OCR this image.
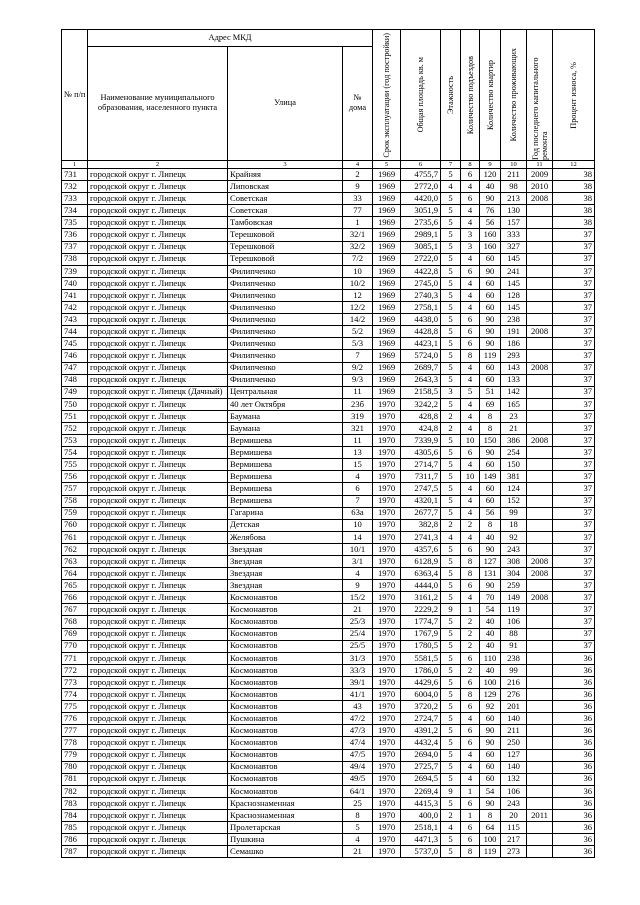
№ п/п	Адрес МКД			Срок эксплуатации (год постройки)	Общая площадь кв. м	Этажность	Количество подъездов	Количество квартир	Количество проживающих	Год последнего капитального ремонта	Процент износа, %

	Наименование муниципального образования, населенного пункта	Улица	№ дома								
1	2	3	4	5	6	7	8	9	10	11	12
731	городской округ г. Липецк	Крайняя	2	1969	4755,7	5	6	120	211	2009	38
732	городской округ г. Липецк	Липовская	9	1969	2772,0	4	4	40	98	2010	38
733	городской округ г. Липецк	Советская	33	1969	4420,0	5	6	90	213	2008	38
734	городской округ г. Липецк	Советская	77	1969	3051,9	5	4	76	130		38
735	городской округ г. Липецк	Тамбовская	1	1969	2735,6	5	4	56	157		38
736	городской округ г. Липецк	Терешковой	32/1	1969	2989,1	5	3	160	333		37
737	городской округ г. Липецк	Терешковой	32/2	1969	3085,1	5	3	160	327		37
738	городской округ г. Липецк	Терешковой	7/2	1969	2722,0	5	4	60	145		37
739	городской округ г. Липецк	Филипченко	10	1969	4422,8	5	6	90	241		37
740	городской округ г. Липецк	Филипченко	10/2	1969	2745,0	5	4	60	145		37
741	городской округ г. Липецк	Филипченко	12	1969	2740,3	5	4	60	128		37
742	городской округ г. Липецк	Филипченко	12/2	1969	2758,1	5	4	60	145		37
743	городской округ г. Липецк	Филипченко	14/2	1969	4438,0	5	6	90	238		37
744	городской округ г. Липецк	Филипченко	5/2	1969	4428,8	5	6	90	191	2008	37
745	городской округ г. Липецк	Филипченко	5/3	1969	4423,1	5	6	90	186		37
746	городской округ г. Липецк	Филипченко	7	1969	5724,0	5	8	119	293		37
747	городской округ г. Липецк	Филипченко	9/2	1969	2689,7	5	4	60	143	2008	37
748	городской округ г. Липецк	Филипченко	9/3	1969	2643,3	5	4	60	133		37
749	городской округ г. Липецк (Дачный)	Центральная	11	1969	2158,5	3	5	51	142		37
750	городской округ г. Липецк	40 лет Октября	23б	1970	3242,2	5	4	69	165		37
751	городской округ г. Липецк	Баумана	319	1970	428,8	2	4	8	23		37
752	городской округ г. Липецк	Баумана	321	1970	424,8	2	4	8	21		37
753	городской округ г. Липецк	Вермишева	11	1970	7339,9	5	10	150	386	2008	37
754	городской округ г. Липецк	Вермишева	13	1970	4305,6	5	6	90	254		37
755	городской округ г. Липецк	Вермишева	15	1970	2714,7	5	4	60	150		37
756	городской округ г. Липецк	Вермишева	4	1970	7311,7	5	10	149	381		37
757	городской округ г. Липецк	Вермишева	6	1970	2747,5	5	4	60	124		37
758	городской округ г. Липецк	Вермишева	7	1970	4320,1	5	4	60	152		37
759	городской округ г. Липецк	Гагарина	63а	1970	2677,7	5	4	56	99		37
760	городской округ г. Липецк	Детская	10	1970	382,8	2	2	8	18		37
761	городской округ г. Липецк	Желябова	14	1970	2741,3	4	4	40	92		37
762	городской округ г. Липецк	Звездная	10/1	1970	4357,6	5	6	90	243		37
763	городской округ г. Липецк	Звездная	3/1	1970	6128,9	5	8	127	308	2008	37
764	городской округ г. Липецк	Звездная	4	1970	6363,4	5	8	131	304	2008	37
765	городской округ г. Липецк	Звездная	9	1970	4444,0	5	6	90	259		37
766	городской округ г. Липецк	Космонавтов	15/2	1970	3161,2	5	4	70	149	2008	37
767	городской округ г. Липецк	Космонавтов	21	1970	2229,2	9	1	54	119		37
768	городской округ г. Липецк	Космонавтов	25/3	1970	1774,7	5	2	40	106		37
769	городской округ г. Липецк	Космонавтов	25/4	1970	1767,9	5	2	40	88		37
770	городской округ г. Липецк	Космонавтов	25/5	1970	1780,5	5	2	40	91		37
771	городской округ г. Липецк	Космонавтов	31/3	1970	5581,5	5	6	110	238		36
772	городской округ г. Липецк	Космонавтов	33/3	1970	1786,0	5	2	40	99		36
773	городской округ г. Липецк	Космонавтов	39/1	1970	4429,6	5	6	100	216		36
774	городской округ г. Липецк	Космонавтов	41/1	1970	6004,0	5	8	129	276		36
775	городской округ г. Липецк	Космонавтов	43	1970	3720,2	5	6	92	201		36
776	городской округ г. Липецк	Космонавтов	47/2	1970	2724,7	5	4	60	140		36
777	городской округ г. Липецк	Космонавтов	47/3	1970	4391,2	5	6	90	211		36
778	городской округ г. Липецк	Космонавтов	47/4	1970	4432,4	5	6	90	250		36
779	городской округ г. Липецк	Космонавтов	47/5	1970	2694,0	5	4	60	127		36
780	городской округ г. Липецк	Космонавтов	49/4	1970	2725,7	5	4	60	140		36
781	городской округ г. Липецк	Космонавтов	49/5	1970	2694,5	5	4	60	132		36
782	городской округ г. Липецк	Космонавтов	64/1	1970	2269,4	9	1	54	106		36
783	городской округ г. Липецк	Краснознаменная	25	1970	4415,3	5	6	90	243		36
784	городской округ г. Липецк	Краснознаменная	8	1970	400,0	2	1	8	20	2011	36
785	городской округ г. Липецк	Пролетарская	5	1970	2518,1	4	6	64	115		36
786	городской округ г. Липецк	Пушкина	4	1970	4471,3	5	6	100	217		36
787	городской округ г. Липецк	Семашко	21	1970	5737,0	5	8	119	273		36
